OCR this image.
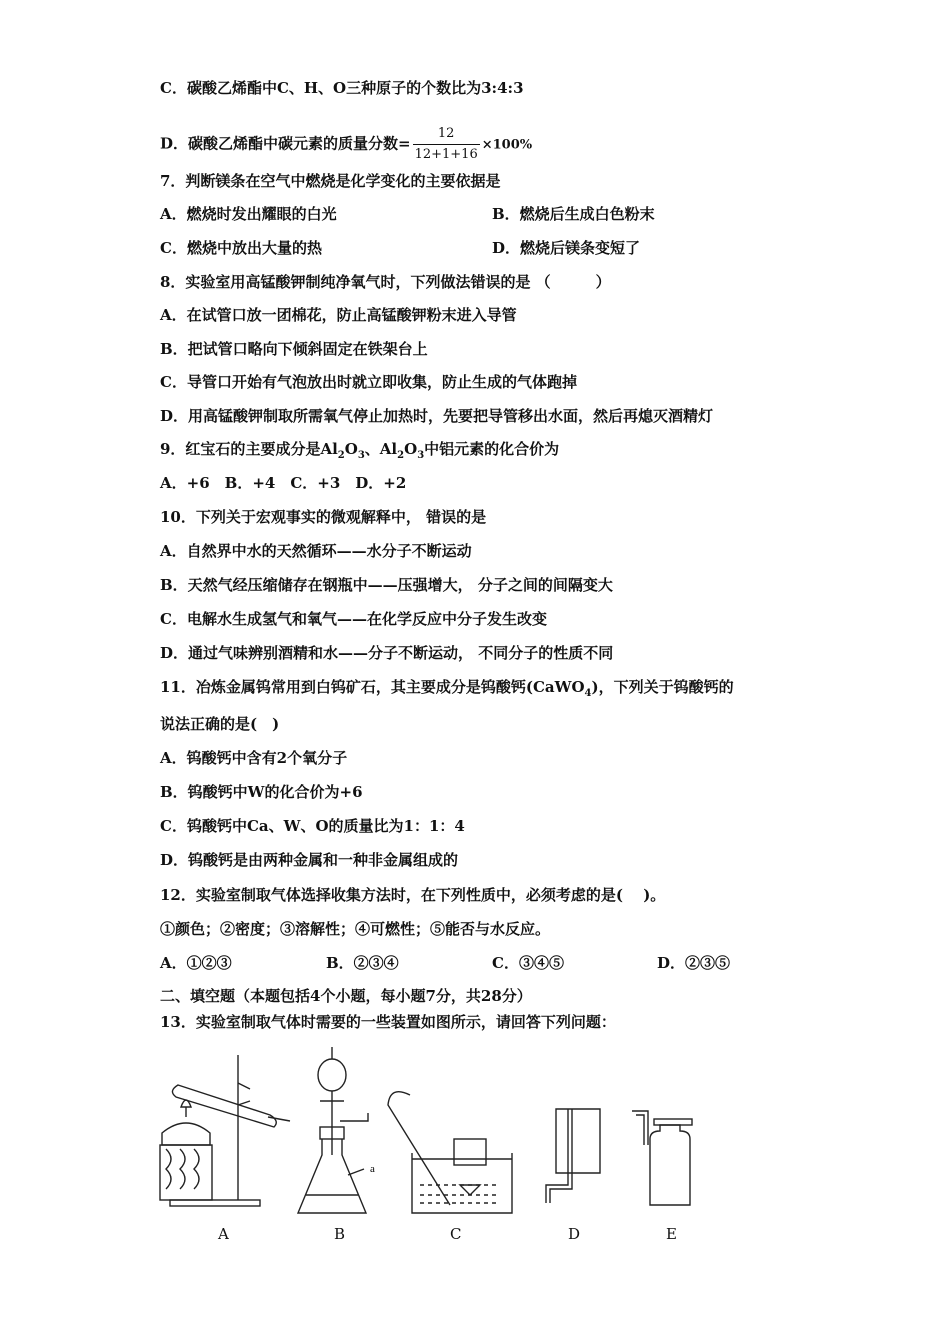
C．碳酸乙烯酯中C、H、O三种原子的个数比为3:4:3
D．碳酸乙烯酯中碳元素的质量分数= $\frac{12}{12+1+16} \times 100\%$
7．判断镁条在空气中燃烧是化学变化的主要依据是
A．燃烧时发出耀眼的白光	B．燃烧后生成白色粉末
C．燃烧中放出大量的热	D．燃烧后镁条变短了
8．实验室用高锰酸钾制纯净氧气时，下列做法错误的是 （　　　）
A．在试管口放一团棉花，防止高锰酸钾粉末进入导管
B．把试管口略向下倾斜固定在铁架台上
C．导管口开始有气泡放出时就立即收集，防止生成的气体跑掉
D．用高锰酸钾制取所需氧气停止加热时，先要把导管移出水面，然后再熄灭酒精灯
9．红宝石的主要成分是$Al_2O_3$、$Al_2O_3$中铝元素的化合价为
A．+6　B．+4　C．+3　D．+2
10．下列关于宏观事实的微观解释中， 错误的是
A．自然界中水的天然循环——水分子不断运动
B．天然气经压缩储存在钢瓶中——压强增大， 分子之间的间隔变大
C．电解水生成氢气和氧气——在化学反应中分子发生改变
D．通过气味辨别酒精和水——分子不断运动， 不同分子的性质不同
11．冶炼金属钨常用到白钨矿石，其主要成分是钨酸钙(CaWO$_4$)，下列关于钨酸钙的
说法正确的是(　)
A．钨酸钙中含有2个氧分子
B．钨酸钙中W的化合价为+6
C．钨酸钙中Ca、W、O的质量比为1：1：4
D．钨酸钙是由两种金属和一种非金属组成的
12．实验室制取气体选择收集方法时，在下列性质中，必须考虑的是(　 )。
①颜色；②密度；③溶解性；④可燃性；⑤能否与水反应。
A．①②③	B．②③④	C．③④⑤	D．②③⑤
二、填空题（本题包括4个小题，每小题7分，共28分）
13．实验室制取气体时需要的一些装置如图所示，请回答下列问题：
a
A	B	C	D	E
